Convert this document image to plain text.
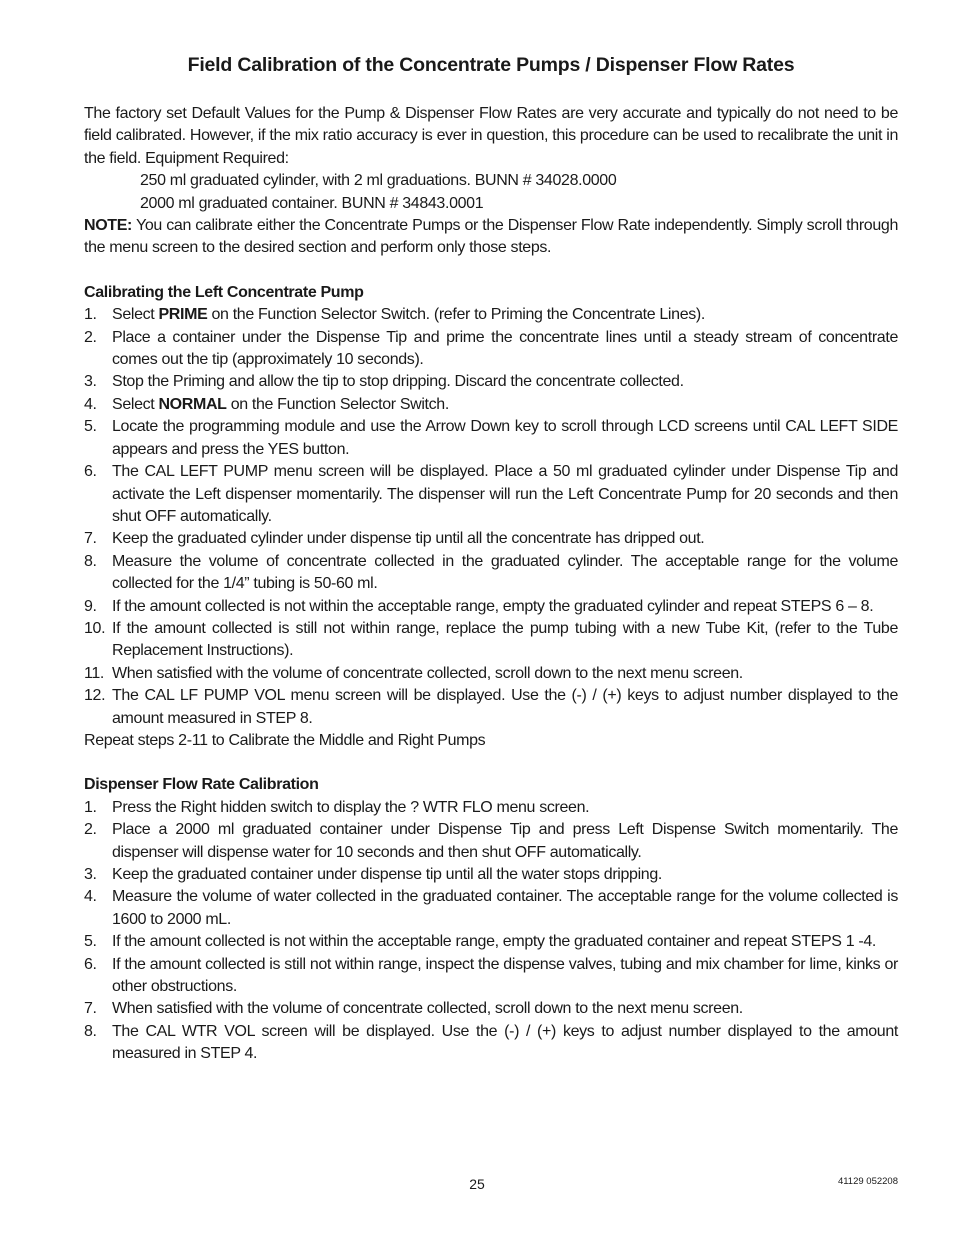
Field Calibration of the Concentrate Pumps / Dispenser Flow Rates

The factory set Default Values for the Pump & Dispenser Flow Rates are very accurate and typically do not need to be field calibrated. However, if the mix ratio accuracy is ever in question, this procedure can be used to recalibrate the unit in the field. Equipment Required:

250 ml graduated cylinder, with 2 ml graduations. BUNN # 34028.0000
2000 ml graduated container. BUNN # 34843.0001

NOTE: You can calibrate either the Concentrate Pumps or the Dispenser Flow Rate independently. Simply scroll through the menu screen to the desired section and perform only those steps.

Calibrating the Left Concentrate Pump
1. Select PRIME on the Function Selector Switch. (refer to Priming the Concentrate Lines).
2. Place a container under the Dispense Tip and prime the concentrate lines until a steady stream of concentrate comes out the tip (approximately 10 seconds).
3. Stop the Priming and allow the tip to stop dripping. Discard the concentrate collected.
4. Select NORMAL on the Function Selector Switch.
5. Locate the programming module and use the Arrow Down key to scroll through LCD screens until CAL LEFT SIDE appears and press the YES button.
6. The CAL LEFT PUMP menu screen will be displayed. Place a 50 ml graduated cylinder under Dispense Tip and activate the Left dispenser momentarily. The dispenser will run the Left Concentrate Pump for 20 seconds and then shut OFF automatically.
7. Keep the graduated cylinder under dispense tip until all the concentrate has dripped out.
8. Measure the volume of concentrate collected in the graduated cylinder. The acceptable range for the volume collected for the 1/4” tubing is 50-60 ml.
9. If the amount collected is not within the acceptable range, empty the graduated cylinder and repeat STEPS 6 – 8.
10. If the amount collected is still not within range, replace the pump tubing with a new Tube Kit, (refer to the Tube Replacement Instructions).
11. When satisfied with the volume of concentrate collected, scroll down to the next menu screen.
12. The CAL LF PUMP VOL menu screen will be displayed. Use the (-) / (+) keys to adjust number displayed to the amount measured in STEP 8.

Repeat steps 2-11 to Calibrate the Middle and Right Pumps

Dispenser Flow Rate Calibration
1. Press the Right hidden switch to display the ? WTR FLO menu screen.
2. Place a 2000 ml graduated container under Dispense Tip and press Left Dispense Switch momentarily. The dispenser will dispense water for 10 seconds and then shut OFF automatically.
3. Keep the graduated container under dispense tip until all the water stops dripping.
4. Measure the volume of water collected in the graduated container. The acceptable range for the volume collected is 1600 to 2000 mL.
5. If the amount collected is not within the acceptable range, empty the graduated container and repeat STEPS 1 -4.
6. If the amount collected is still not within range, inspect the dispense valves, tubing and mix chamber for lime, kinks or other obstructions.
7. When satisfied with the volume of concentrate collected, scroll down to the next menu screen.
8. The CAL WTR VOL screen will be displayed. Use the (-) / (+) keys to adjust number displayed to the amount measured in STEP 4.
25	41129 052208
